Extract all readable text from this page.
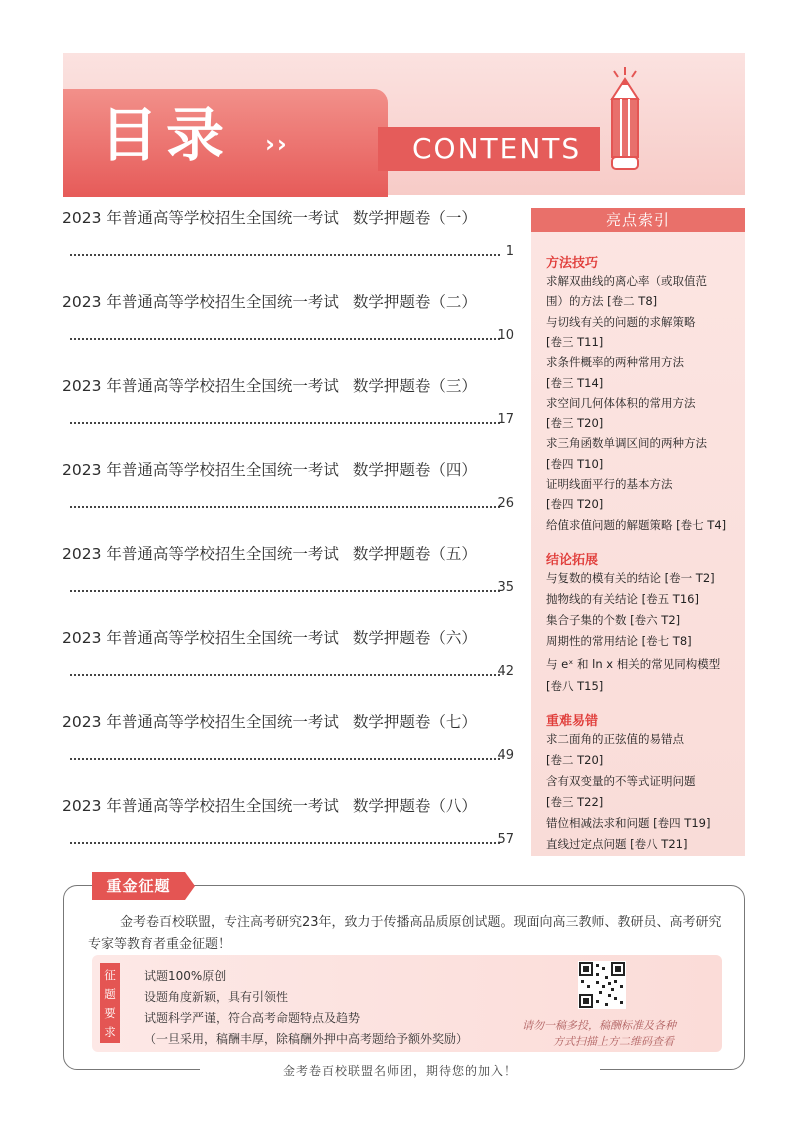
目录 ››	CONTENTS
2023 年普通高等学校招生全国统一考试 数学押题卷（一）
1
2023 年普通高等学校招生全国统一考试 数学押题卷（二）
10
2023 年普通高等学校招生全国统一考试 数学押题卷（三）
17
2023 年普通高等学校招生全国统一考试 数学押题卷（四）
26
2023 年普通高等学校招生全国统一考试 数学押题卷（五）
35
2023 年普通高等学校招生全国统一考试 数学押题卷（六）
42
2023 年普通高等学校招生全国统一考试 数学押题卷（七）
49
2023 年普通高等学校招生全国统一考试 数学押题卷（八）
57
亮点索引
方法技巧
求解双曲线的离心率（或取值范
围）的方法 [卷二 T8]
与切线有关的问题的求解策略
[卷三 T11]
求条件概率的两种常用方法
[卷三 T14]
求空间几何体体积的常用方法
[卷三 T20]
求三角函数单调区间的两种方法
[卷四 T10]
证明线面平行的基本方法
[卷四 T20]
给值求值问题的解题策略 [卷七 T4]
结论拓展
与复数的模有关的结论 [卷一 T2]
抛物线的有关结论 [卷五 T16]
集合子集的个数 [卷六 T2]
周期性的常用结论 [卷七 T8]
与 eˣ 和 ln x 相关的常见同构模型
[卷八 T15]
重难易错
求二面角的正弦值的易错点
[卷二 T20]
含有双变量的不等式证明问题
[卷三 T22]
错位相减法求和问题 [卷四 T19]
直线过定点问题 [卷八 T21]
重金征题
金考卷百校联盟，专注高考研究23年，致力于传播高品质原创试题。现面向高三教师、教研员、高考研究专家等教育者重金征题！
征
题
要
求
试题100%原创
设题角度新颖，具有引领性
试题科学严谨，符合高考命题特点及趋势
（一旦采用，稿酬丰厚，除稿酬外押中高考题给予额外奖励）
请勿一稿多投，稿酬标准及各种
方式扫描上方二维码查看
金考卷百校联盟名师团，期待您的加入！
